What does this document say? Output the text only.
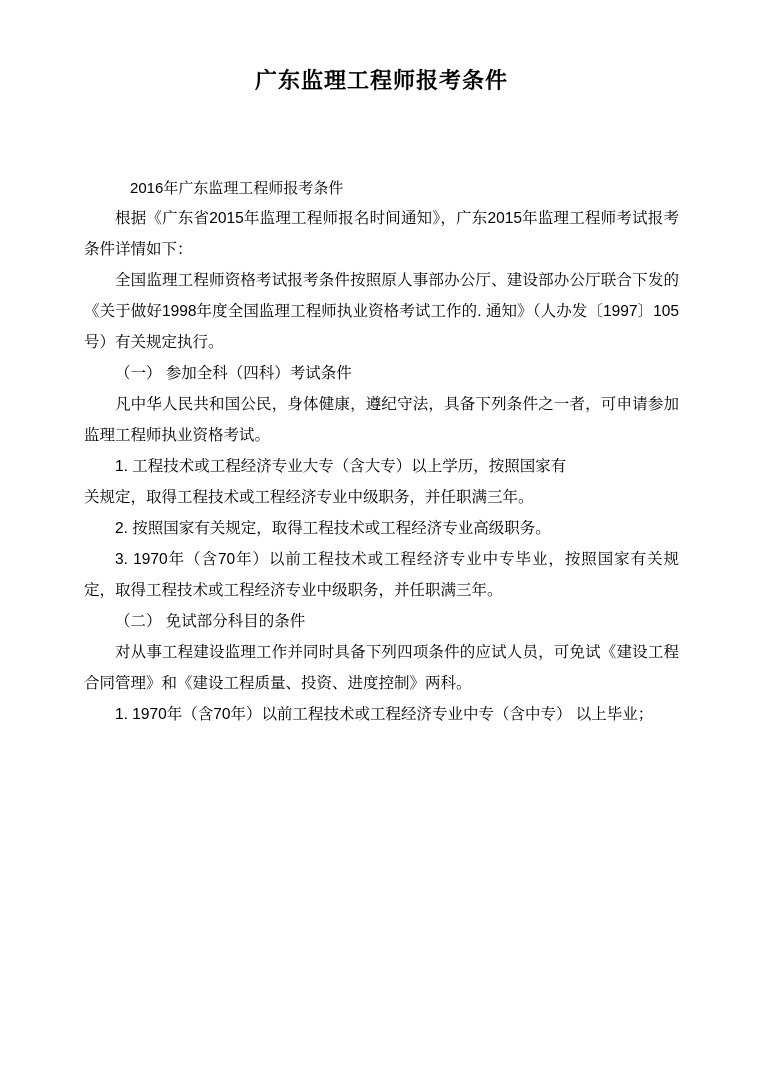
广东监理工程师报考条件
2016年广东监理工程师报考条件

根据《广东省2015年监理工程师报名时间通知》，广东2015年监理工程师考试报考条件详情如下：

全国监理工程师资格考试报考条件按照原人事部办公厅、建设部办公厅联合下发的《关于做好1998年度全国监理工程师执业资格考试工作的. 通知》（人办发〔1997〕105号）有关规定执行。

（一） 参加全科（四科）考试条件

凡中华人民共和国公民，身体健康，遵纪守法，具备下列条件之一者，可申请参加监理工程师执业资格考试。

1. 工程技术或工程经济专业大专（含大专）以上学历，按照国家有

关规定，取得工程技术或工程经济专业中级职务，并任职满三年。

2. 按照国家有关规定，取得工程技术或工程经济专业高级职务。

3. 1970年（含70年）以前工程技术或工程经济专业中专毕业，按照国家有关规定，取得工程技术或工程经济专业中级职务，并任职满三年。

（二） 免试部分科目的条件

对从事工程建设监理工作并同时具备下列四项条件的应试人员，可免试《建设工程合同管理》和《建设工程质量、投资、进度控制》两科。

1. 1970年（含70年）以前工程技术或工程经济专业中专（含中专） 以上毕业；
